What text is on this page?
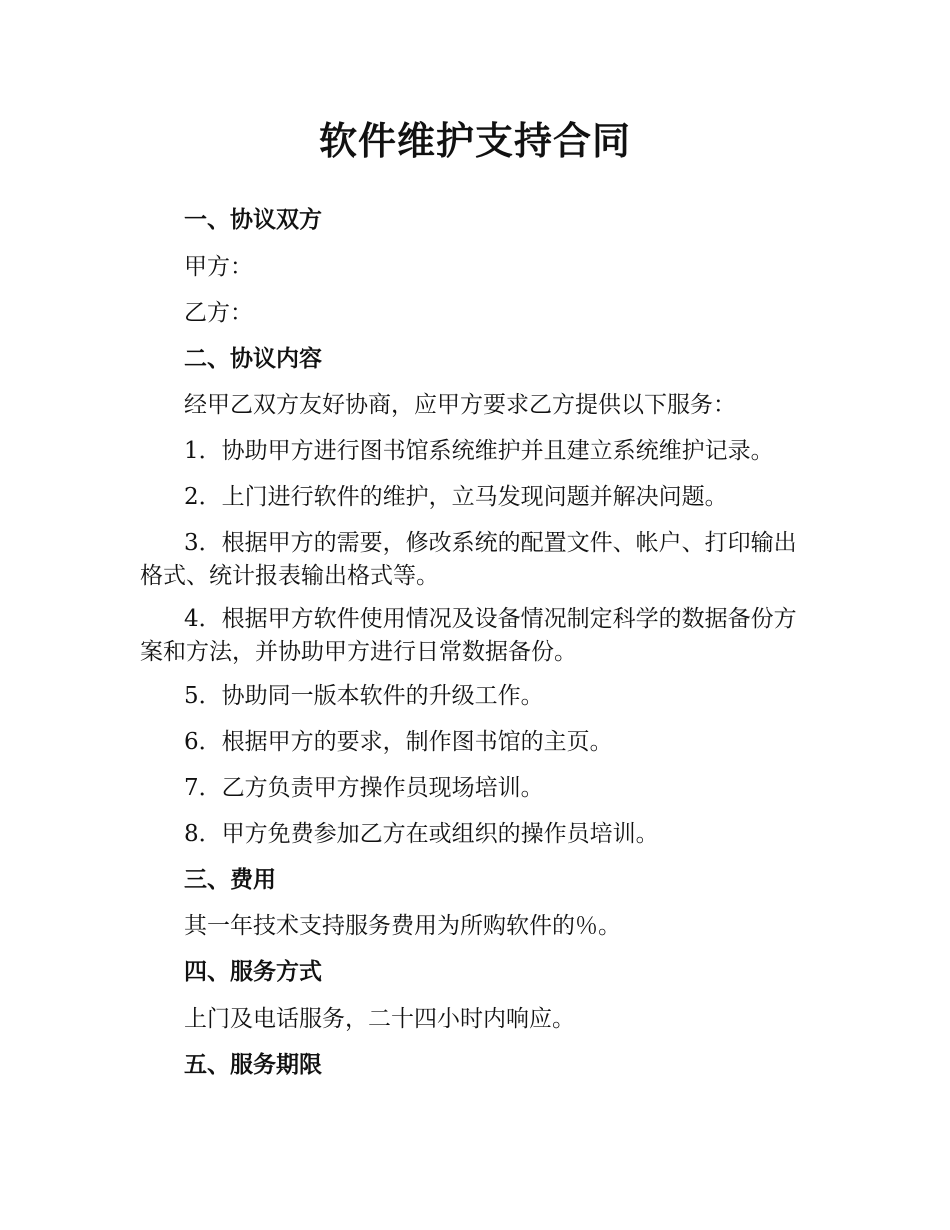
软件维护支持合同
一、协议双方
甲方：
乙方：
二、协议内容
经甲乙双方友好协商，应甲方要求乙方提供以下服务：
1．协助甲方进行图书馆系统维护并且建立系统维护记录。
2．上门进行软件的维护，立马发现问题并解决问题。
3．根据甲方的需要，修改系统的配置文件、帐户、打印输出格式、统计报表输出格式等。
4．根据甲方软件使用情况及设备情况制定科学的数据备份方案和方法，并协助甲方进行日常数据备份。
5．协助同一版本软件的升级工作。
6．根据甲方的要求，制作图书馆的主页。
7．乙方负责甲方操作员现场培训。
8．甲方免费参加乙方在或组织的操作员培训。
三、费用
其一年技术支持服务费用为所购软件的％。
四、服务方式
上门及电话服务，二十四小时内响应。
五、服务期限
